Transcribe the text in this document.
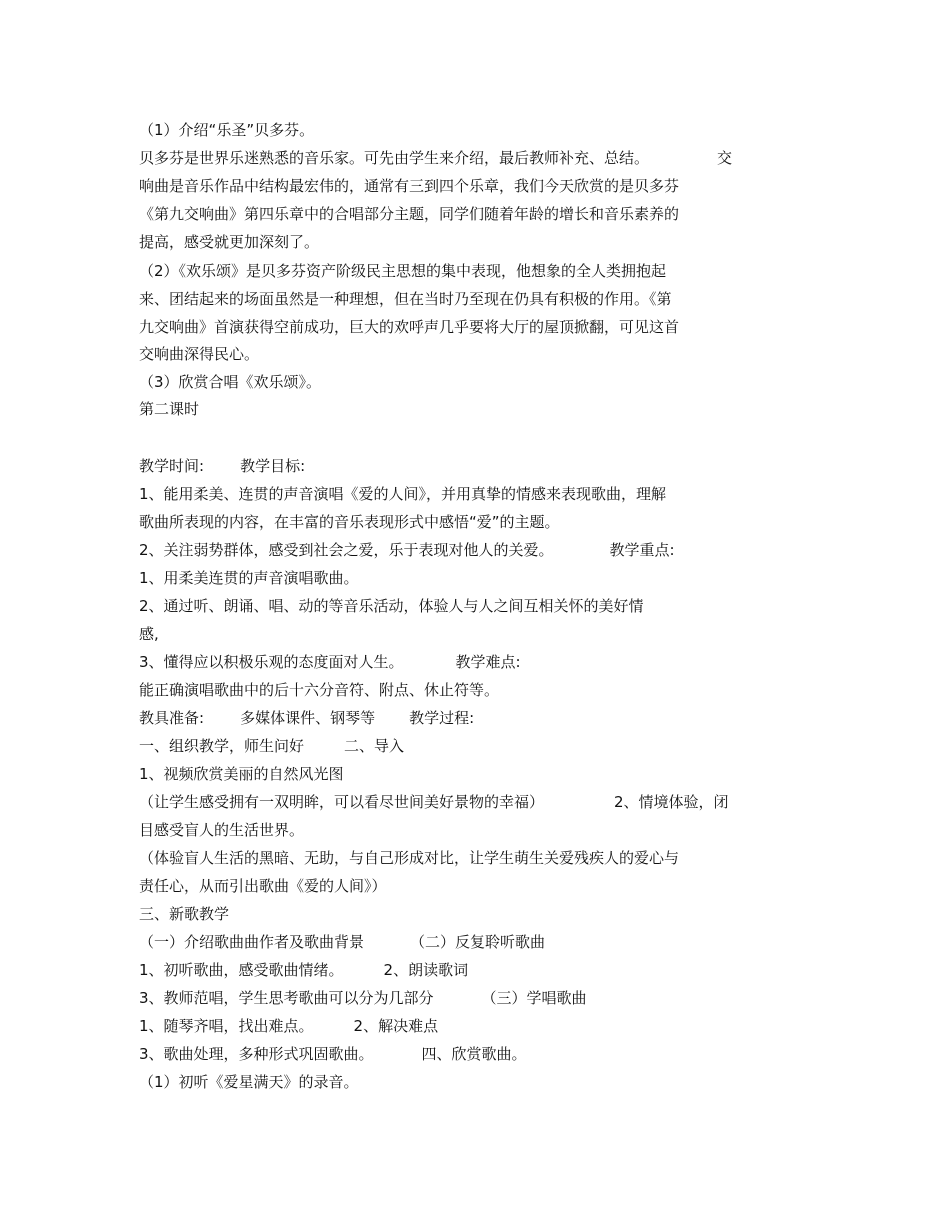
（1）介绍“乐圣”贝多芬。
贝多芬是世界乐迷熟悉的音乐家。可先由学生来介绍，最后教师补充、总结。	交
响曲是音乐作品中结构最宏伟的，通常有三到四个乐章，我们今天欣赏的是贝多芬
《第九交响曲》第四乐章中的合唱部分主题，同学们随着年龄的增长和音乐素养的
提高，感受就更加深刻了。
（2）《欢乐颂》是贝多芬资产阶级民主思想的集中表现，他想象的全人类拥抱起
来、团结起来的场面虽然是一种理想，但在当时乃至现在仍具有积极的作用。《第
九交响曲》首演获得空前成功，巨大的欢呼声几乎要将大厅的屋顶掀翻，可见这首
交响曲深得民心。
（3）欣赏合唱《欢乐颂》。
第二课时
教学时间: 教学目标:
1、能用柔美、连贯的声音演唱《爱的人间》，并用真挚的情感来表现歌曲，理解
歌曲所表现的内容，在丰富的音乐表现形式中感悟“爱”的主题。
2、关注弱势群体，感受到社会之爱，乐于表现对他人的关爱。	教学重点:
1、用柔美连贯的声音演唱歌曲。
2、通过听、朗诵、唱、动的等音乐活动，体验人与人之间互相关怀的美好情
感,
3、懂得应以积极乐观的态度面对人生。	教学难点:
能正确演唱歌曲中的后十六分音符、附点、休止符等。
教具准备: 多媒体课件、钢琴等 教学过程:
一、组织教学，师生问好	二、导入
1、视频欣赏美丽的自然风光图
（让学生感受拥有一双明眸，可以看尽世间美好景物的幸福）	2、情境体验，闭
目感受盲人的生活世界。
（体验盲人生活的黑暗、无助，与自己形成对比，让学生萌生关爱残疾人的爱心与
责任心，从而引出歌曲《爱的人间》）
三、新歌教学
（一）介绍歌曲曲作者及歌曲背景	（二）反复聆听歌曲
1、初听歌曲，感受歌曲情绪。	2、朗读歌词
3、教师范唱，学生思考歌曲可以分为几部分	（三）学唱歌曲
1、随琴齐唱，找出难点。	2、解决难点
3、歌曲处理，多种形式巩固歌曲。	四、欣赏歌曲。
（1）初听《爱星满天》的录音。
